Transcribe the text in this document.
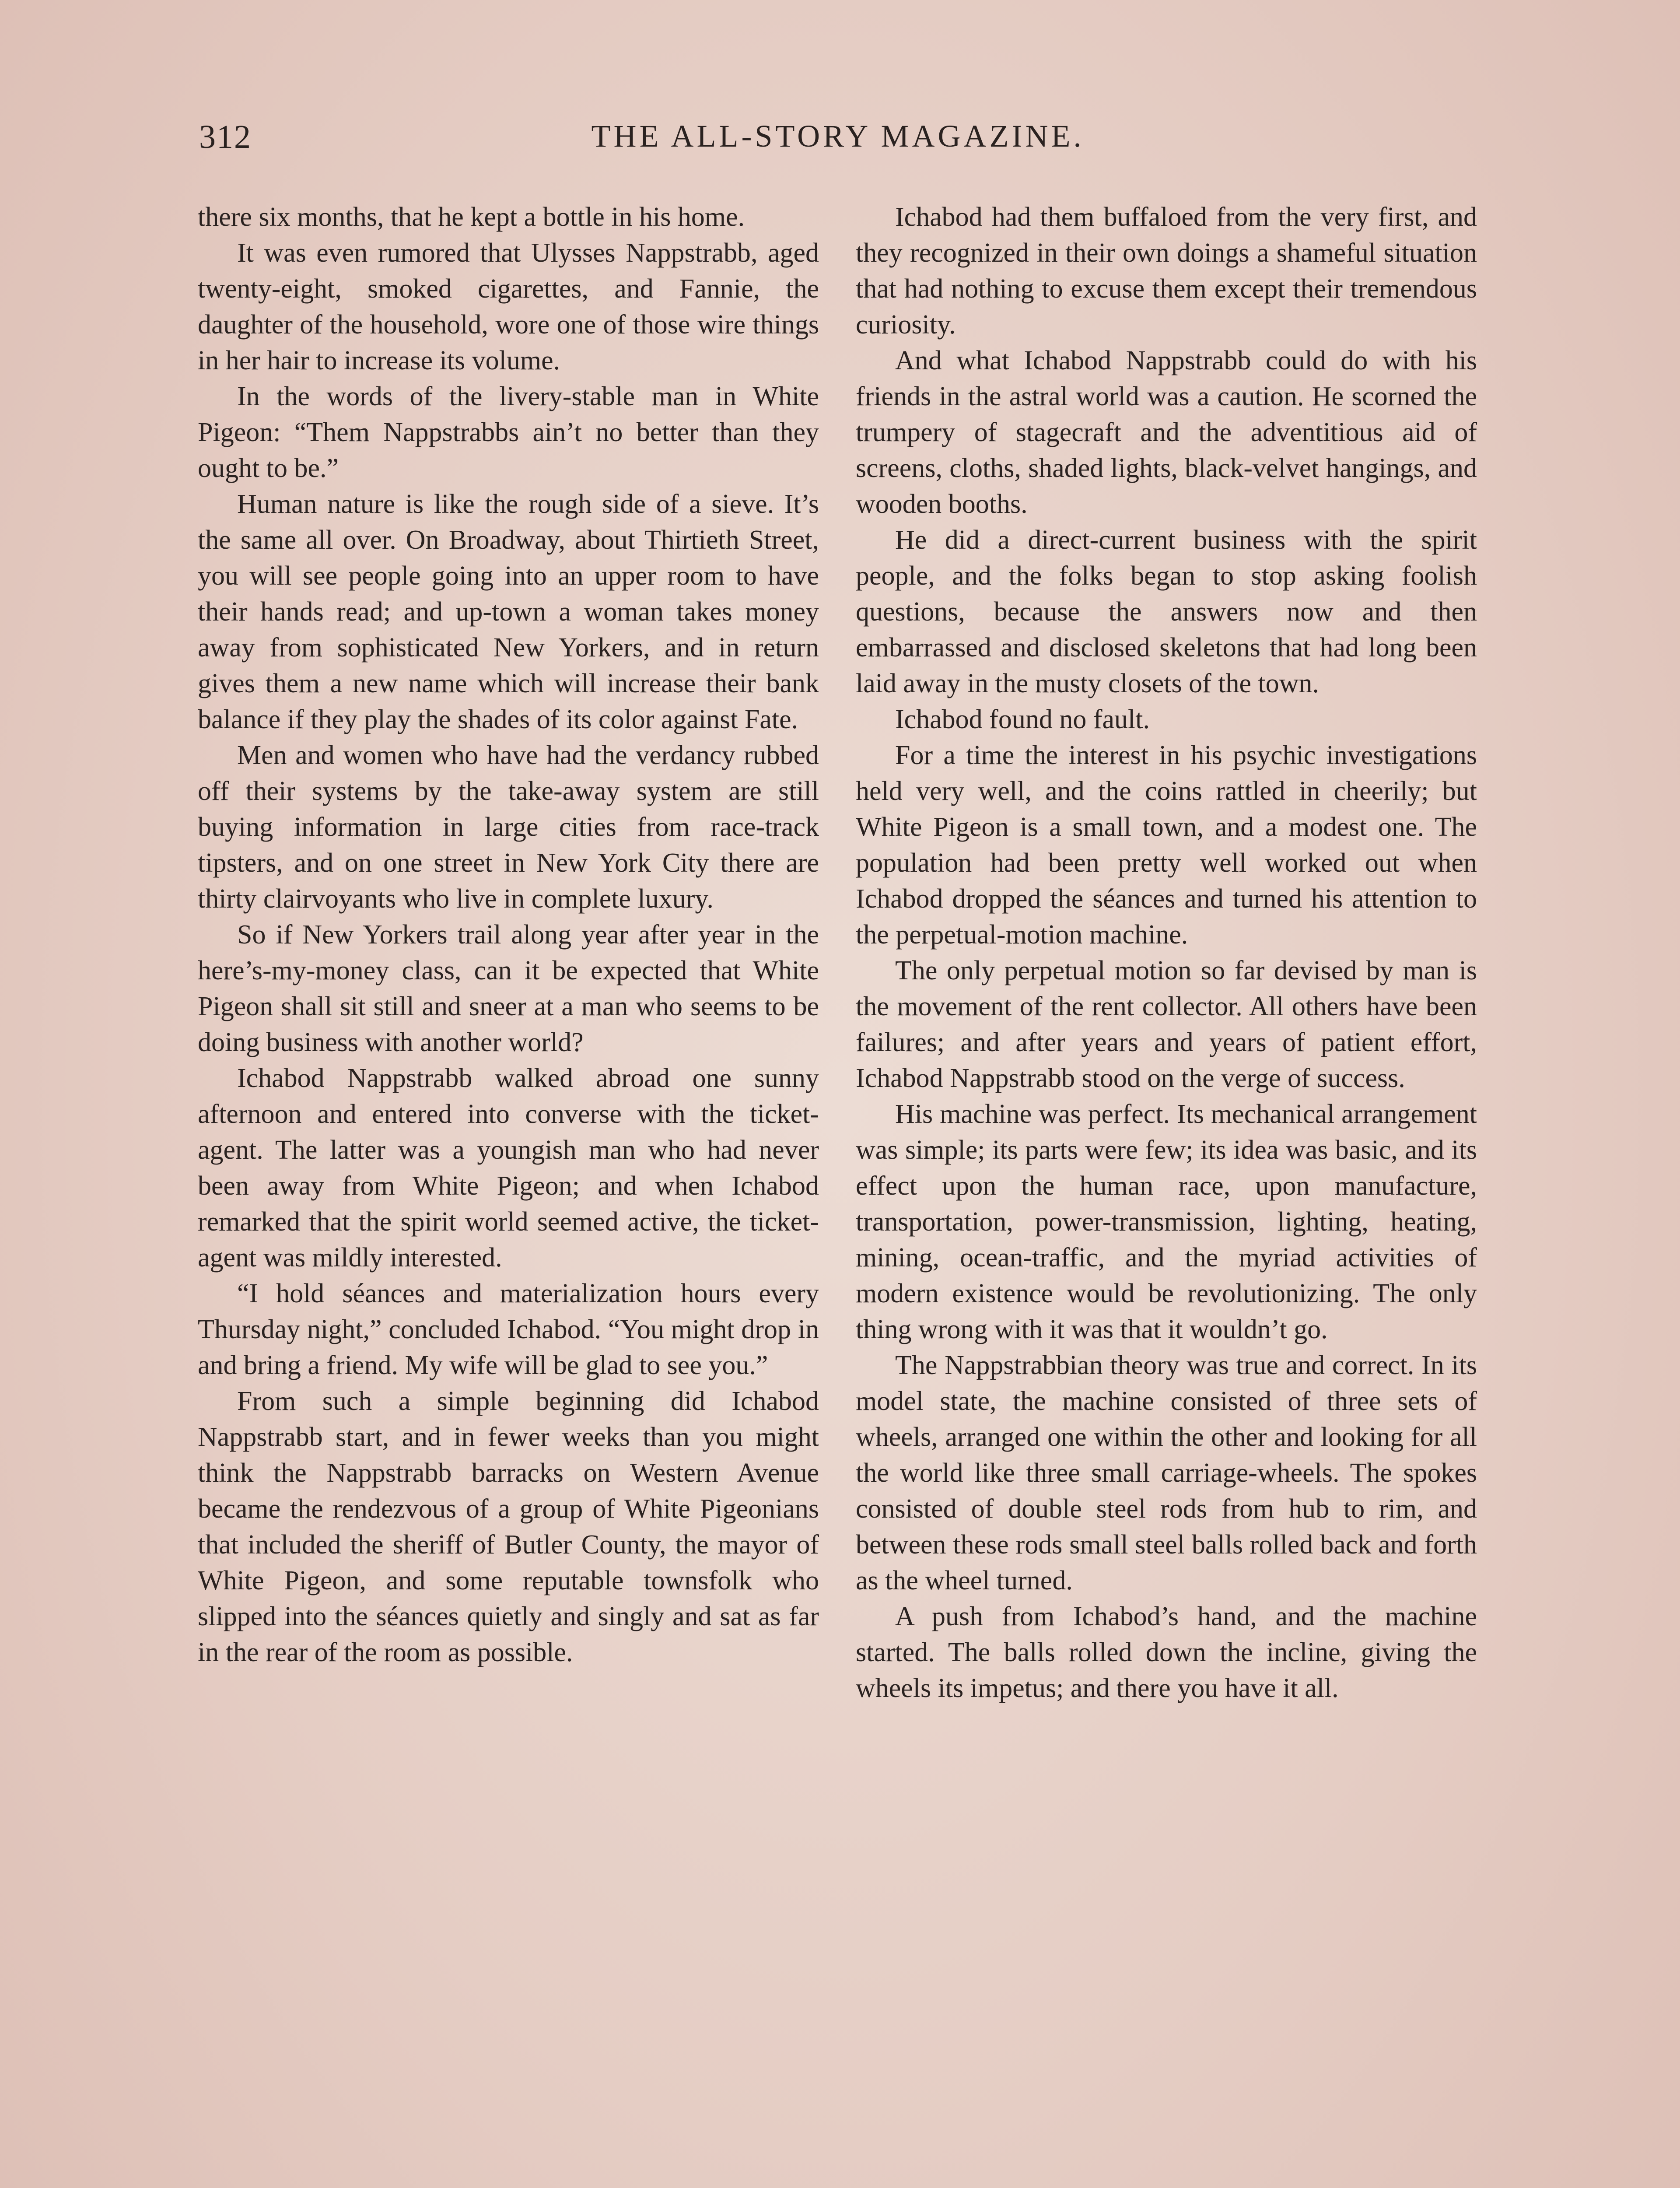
312	THE ALL-STORY MAGAZINE.

there six months, that he kept a bottle in his home.

It was even rumored that Ulysses Nappstrabb, aged twenty-eight, smoked cigarettes, and Fannie, the daughter of the household, wore one of those wire things in her hair to increase its volume.

In the words of the livery-stable man in White Pigeon: “Them Nappstrabbs ain’t no better than they ought to be.”

Human nature is like the rough side of a sieve. It’s the same all over. On Broadway, about Thirtieth Street, you will see people going into an upper room to have their hands read; and up-town a woman takes money away from sophisticated New Yorkers, and in return gives them a new name which will increase their bank balance if they play the shades of its color against Fate.

Men and women who have had the verdancy rubbed off their systems by the take-away system are still buying information in large cities from race-track tipsters, and on one street in New York City there are thirty clairvoyants who live in complete luxury.

So if New Yorkers trail along year after year in the here’s-my-money class, can it be expected that White Pigeon shall sit still and sneer at a man who seems to be doing business with another world?

Ichabod Nappstrabb walked abroad one sunny afternoon and entered into converse with the ticket-agent. The latter was a youngish man who had never been away from White Pigeon; and when Ichabod remarked that the spirit world seemed active, the ticket-agent was mildly interested.

“I hold séances and materialization hours every Thursday night,” concluded Ichabod. “You might drop in and bring a friend. My wife will be glad to see you.”

From such a simple beginning did Ichabod Nappstrabb start, and in fewer weeks than you might think the Nappstrabb barracks on Western Avenue became the rendezvous of a group of White Pigeonians that included the sheriff of Butler County, the mayor of White Pigeon, and some reputable townsfolk who slipped into the séances quietly and singly and sat as far in the rear of the room as possible.

Ichabod had them buffaloed from the very first, and they recognized in their own doings a shameful situation that had nothing to excuse them except their tremendous curiosity.

And what Ichabod Nappstrabb could do with his friends in the astral world was a caution. He scorned the trumpery of stagecraft and the adventitious aid of screens, cloths, shaded lights, black-velvet hangings, and wooden booths.

He did a direct-current business with the spirit people, and the folks began to stop asking foolish questions, because the answers now and then embarrassed and disclosed skeletons that had long been laid away in the musty closets of the town.

Ichabod found no fault.

For a time the interest in his psychic investigations held very well, and the coins rattled in cheerily; but White Pigeon is a small town, and a modest one. The population had been pretty well worked out when Ichabod dropped the séances and turned his attention to the perpetual-motion machine.

The only perpetual motion so far devised by man is the movement of the rent collector. All others have been failures; and after years and years of patient effort, Ichabod Nappstrabb stood on the verge of success.

His machine was perfect. Its mechanical arrangement was simple; its parts were few; its idea was basic, and its effect upon the human race, upon manufacture, transportation, power-transmission, lighting, heating, mining, ocean-traffic, and the myriad activities of modern existence would be revolutionizing. The only thing wrong with it was that it wouldn’t go.

The Nappstrabbian theory was true and correct. In its model state, the machine consisted of three sets of wheels, arranged one within the other and looking for all the world like three small carriage-wheels. The spokes consisted of double steel rods from hub to rim, and between these rods small steel balls rolled back and forth as the wheel turned.

A push from Ichabod’s hand, and the machine started. The balls rolled down the incline, giving the wheels its impetus; and there you have it all.
